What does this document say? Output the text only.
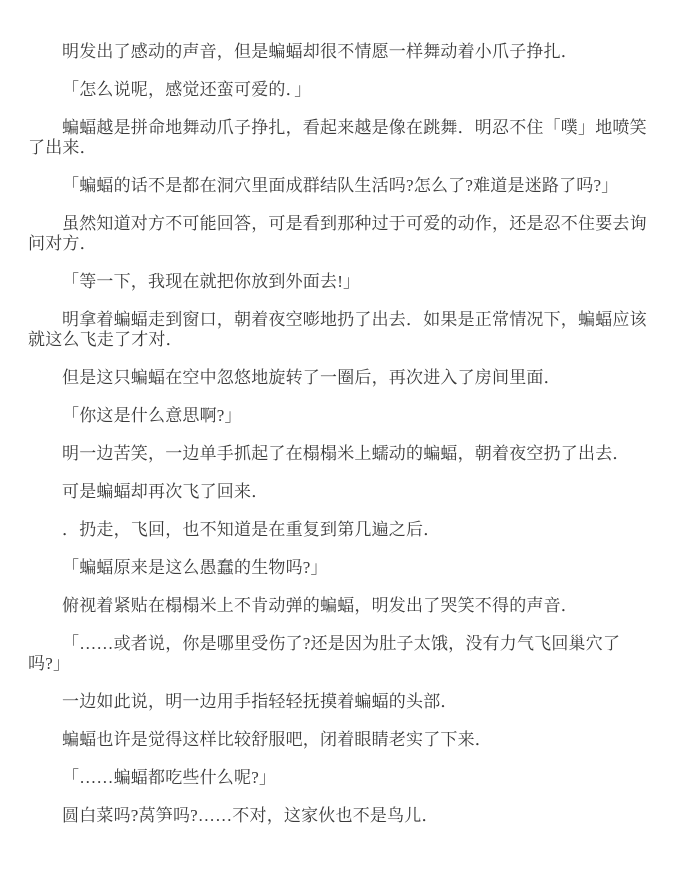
明发出了感动的声音，但是蝙蝠却很不情愿一样舞动着小爪子挣扎．

「怎么说呢，感觉还蛮可爱的．」

蝙蝠越是拼命地舞动爪子挣扎，看起来越是像在跳舞．明忍不住「噗」地喷笑了出来．

「蝙蝠的话不是都在洞穴里面成群结队生活吗?怎么了?难道是迷路了吗?」

虽然知道对方不可能回答，可是看到那种过于可爱的动作，还是忍不住要去询问对方．

「等一下，我现在就把你放到外面去!」

明拿着蝙蝠走到窗口，朝着夜空嘭地扔了出去．如果是正常情况下，蝙蝠应该就这么飞走了才对．

但是这只蝙蝠在空中忽悠地旋转了一圈后，再次进入了房间里面．

「你这是什么意思啊?」

明一边苦笑，一边单手抓起了在榻榻米上蠕动的蝙蝠，朝着夜空扔了出去．

可是蝙蝠却再次飞了回来．

．扔走，飞回，也不知道是在重复到第几遍之后．

「蝙蝠原来是这么愚蠢的生物吗?」

俯视着紧贴在榻榻米上不肯动弹的蝙蝠，明发出了哭笑不得的声音．

「……或者说，你是哪里受伤了?还是因为肚子太饿，没有力气飞回巢穴了吗?」

一边如此说，明一边用手指轻轻抚摸着蝙蝠的头部．

蝙蝠也许是觉得这样比较舒服吧，闭着眼睛老实了下来．

「……蝙蝠都吃些什么呢?」

圆白菜吗?莴笋吗?……不对，这家伙也不是鸟儿．
